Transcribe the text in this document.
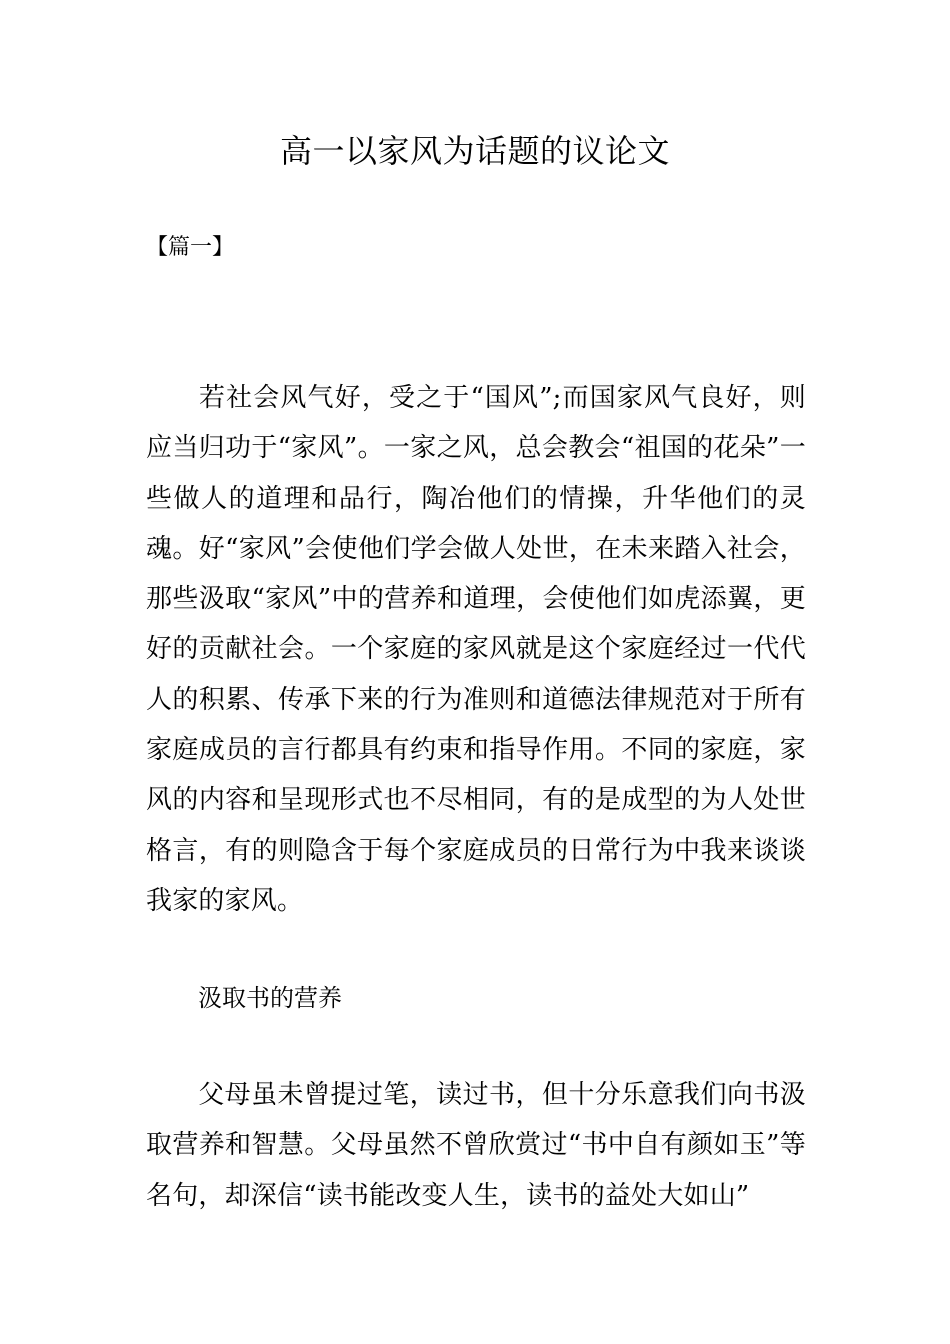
高一以家风为话题的议论文
【篇一】

若社会风气好，受之于“国风”;而国家风气良好，则应当归功于“家风”。一家之风，总会教会“祖国的花朵”一些做人的道理和品行，陶冶他们的情操，升华他们的灵魂。好“家风”会使他们学会做人处世，在未来踏入社会，那些汲取“家风”中的营养和道理，会使他们如虎添翼，更好的贡献社会。一个家庭的家风就是这个家庭经过一代代人的积累、传承下来的行为准则和道德法律规范对于所有家庭成员的言行都具有约束和指导作用。不同的家庭，家风的内容和呈现形式也不尽相同，有的是成型的为人处世格言，有的则隐含于每个家庭成员的日常行为中我来谈谈我家的家风。

汲取书的营养

父母虽未曾提过笔，读过书，但十分乐意我们向书汲取营养和智慧。父母虽然不曾欣赏过“书中自有颜如玉”等名句，却深信“读书能改变人生，读书的益处大如山”
